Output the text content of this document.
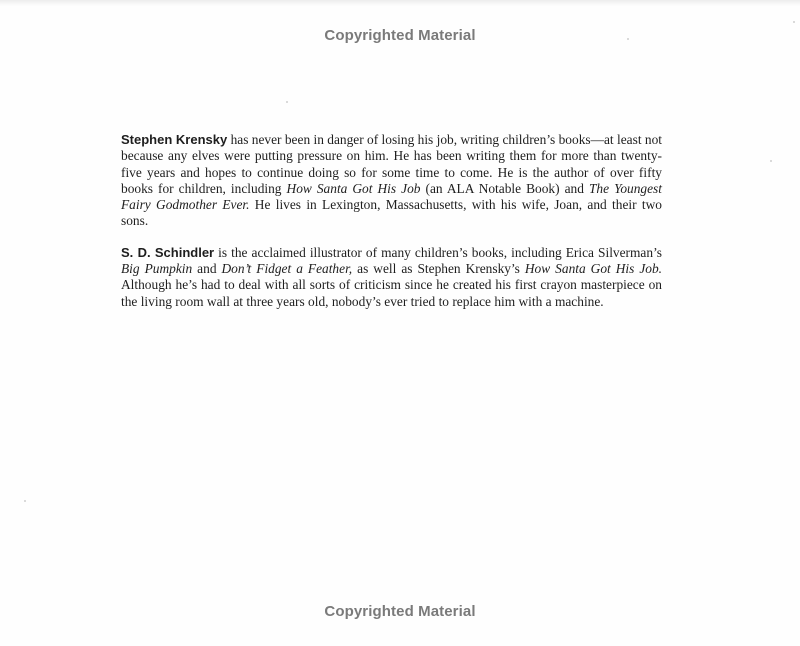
Copyrighted Material

Stephen Krensky has never been in danger of losing his job, writing children’s books—at least not because any elves were putting pressure on him. He has been writing them for more than twenty-five years and hopes to continue doing so for some time to come. He is the author of over fifty books for children, including How Santa Got His Job (an ALA Notable Book) and The Youngest Fairy Godmother Ever. He lives in Lexington, Massachusetts, with his wife, Joan, and their two sons.

S. D. Schindler is the acclaimed illustrator of many children’s books, including Erica Silverman’s Big Pumpkin and Don’t Fidget a Feather, as well as Stephen Krensky’s How Santa Got His Job. Although he’s had to deal with all sorts of criticism since he created his first crayon masterpiece on the living room wall at three years old, nobody’s ever tried to replace him with a machine.

Copyrighted Material
